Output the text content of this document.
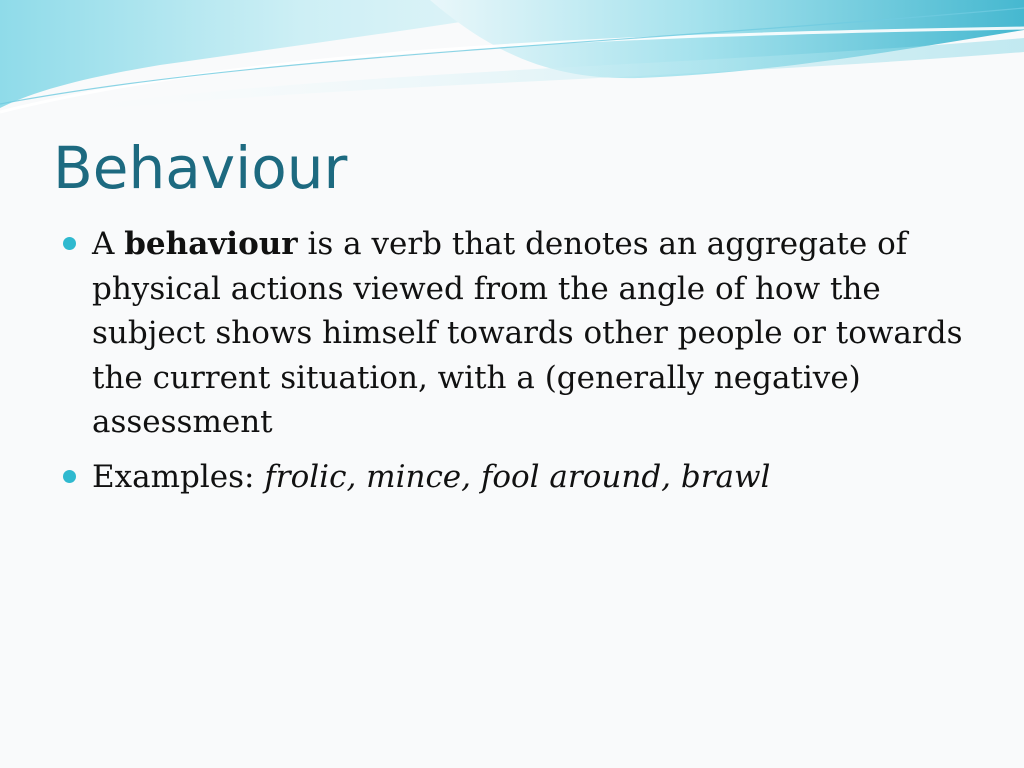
Behaviour
A behaviour is a verb that denotes an aggregate of physical actions viewed from the angle of how the subject shows himself towards other people or towards the current situation, with a (generally negative) assessment
Examples: frolic, mince, fool around, brawl
